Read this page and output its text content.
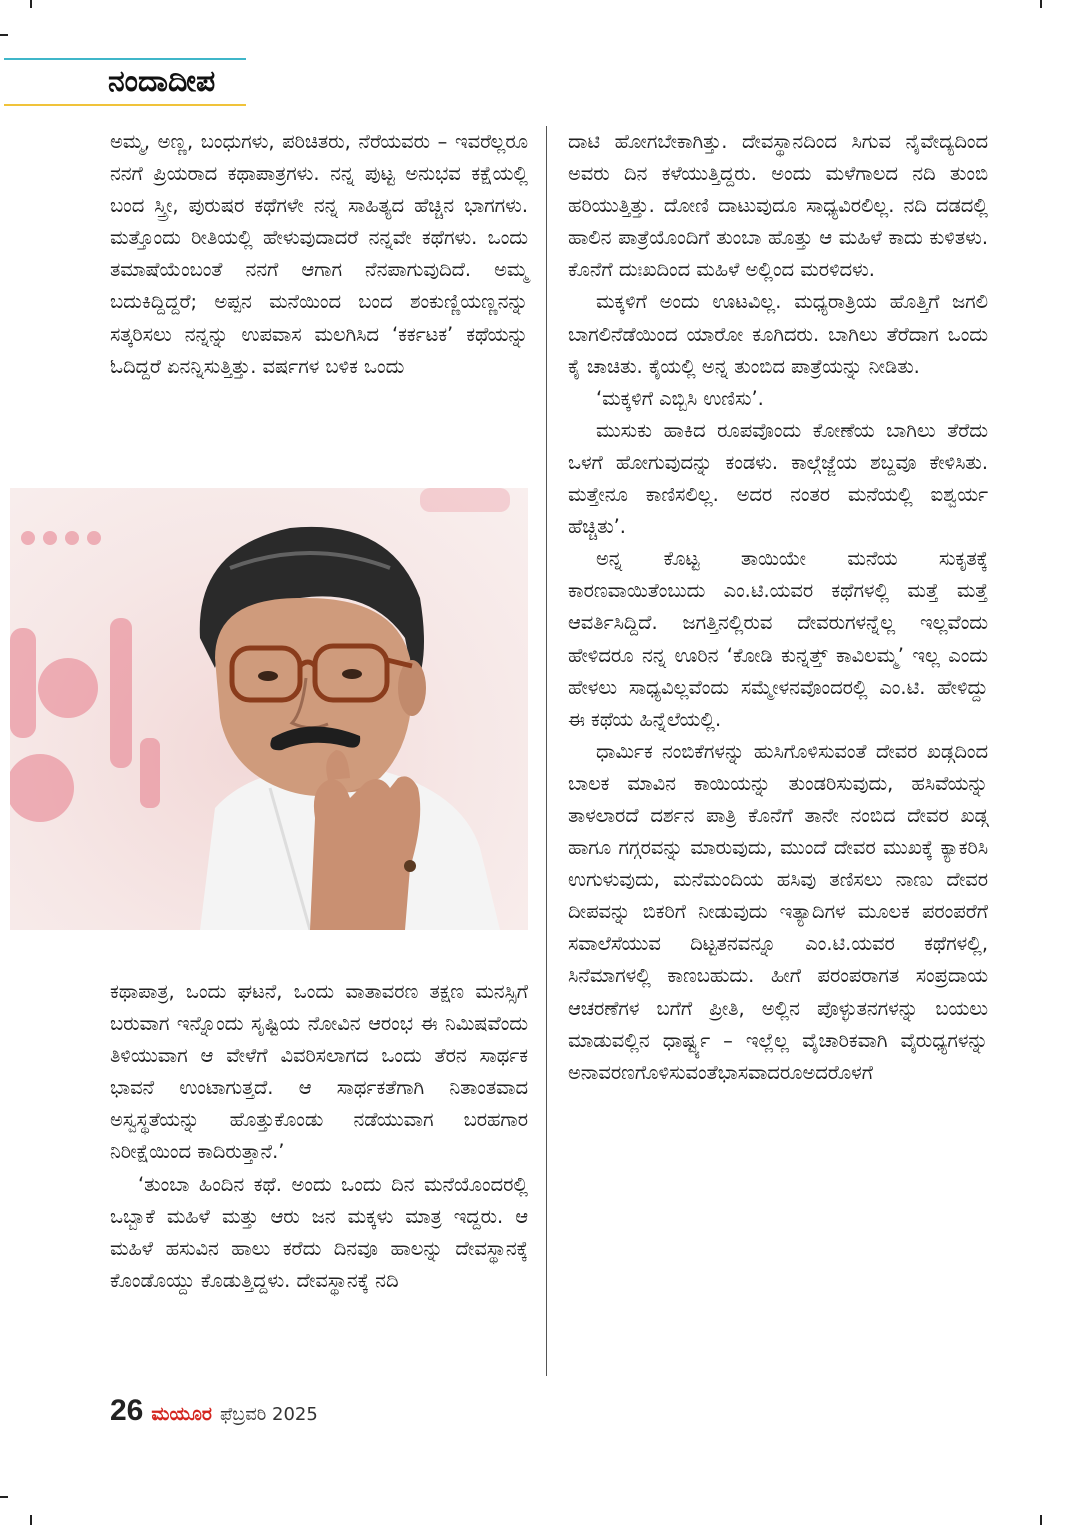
ನಂದಾದೀಪ

ಅಮ್ಮ, ಅಣ್ಣ, ಬಂಧುಗಳು, ಪರಿಚಿತರು, ನೆರೆಯವರು – ಇವರೆಲ್ಲರೂ ನನಗೆ ಪ್ರಿಯರಾದ ಕಥಾಪಾತ್ರಗಳು. ನನ್ನ ಪುಟ್ಟ ಅನುಭವ ಕಕ್ಷೆಯಲ್ಲಿ ಬಂದ ಸ್ತ್ರೀ, ಪುರುಷರ ಕಥೆಗಳೇ ನನ್ನ ಸಾಹಿತ್ಯದ ಹೆಚ್ಚಿನ ಭಾಗಗಳು. ಮತ್ತೊಂದು ರೀತಿಯಲ್ಲಿ ಹೇಳುವುದಾದರೆ ನನ್ನವೇ ಕಥೆಗಳು. ಒಂದು ತಮಾಷೆಯೆಂಬಂತೆ ನನಗೆ ಆಗಾಗ ನೆನಪಾಗುವುದಿದೆ. ಅಮ್ಮ ಬದುಕಿದ್ದಿದ್ದರೆ; ಅಪ್ಪನ ಮನೆಯಿಂದ ಬಂದ ಶಂಕುಣ್ಣಿಯಣ್ಣನನ್ನು ಸತ್ಕರಿಸಲು ನನ್ನನ್ನು ಉಪವಾಸ ಮಲಗಿಸಿದ ‘ಕರ್ಕಟಕ’ ಕಥೆಯನ್ನು ಓದಿದ್ದರೆ ಏನನ್ನಿಸುತ್ತಿತ್ತು. ವರ್ಷಗಳ ಬಳಿಕ ಒಂದು

ಕಥಾಪಾತ್ರ, ಒಂದು ಘಟನೆ, ಒಂದು ವಾತಾವರಣ ತಕ್ಷಣ ಮನಸ್ಸಿಗೆ ಬರುವಾಗ ಇನ್ನೊಂದು ಸೃಷ್ಟಿಯ ನೋವಿನ ಆರಂಭ ಈ ನಿಮಿಷವೆಂದು ತಿಳಿಯುವಾಗ ಆ ವೇಳೆಗೆ ವಿವರಿಸಲಾಗದ ಒಂದು ತೆರನ ಸಾರ್ಥಕ ಭಾವನೆ ಉಂಟಾಗುತ್ತದೆ. ಆ ಸಾರ್ಥಕತೆಗಾಗಿ ನಿತಾಂತವಾದ ಅಸ್ವಸ್ಥತೆಯನ್ನು ಹೊತ್ತುಕೊಂಡು ನಡೆಯುವಾಗ ಬರಹಗಾರ ನಿರೀಕ್ಷೆಯಿಂದ ಕಾದಿರುತ್ತಾನೆ.’

‘ತುಂಬಾ ಹಿಂದಿನ ಕಥೆ. ಅಂದು ಒಂದು ದಿನ ಮನೆಯೊಂದರಲ್ಲಿ ಒಬ್ಬಾಕೆ ಮಹಿಳೆ ಮತ್ತು ಆರು ಜನ ಮಕ್ಕಳು ಮಾತ್ರ ಇದ್ದರು. ಆ ಮಹಿಳೆ ಹಸುವಿನ ಹಾಲು ಕರೆದು ದಿನವೂ ಹಾಲನ್ನು ದೇವಸ್ಥಾನಕ್ಕೆ ಕೊಂಡೊಯ್ದು ಕೊಡುತ್ತಿದ್ದಳು. ದೇವಸ್ಥಾನಕ್ಕೆ ನದಿ

ದಾಟಿ ಹೋಗಬೇಕಾಗಿತ್ತು. ದೇವಸ್ಥಾನದಿಂದ ಸಿಗುವ ನೈವೇದ್ಯದಿಂದ ಅವರು ದಿನ ಕಳೆಯುತ್ತಿದ್ದರು. ಅಂದು ಮಳೆಗಾಲದ ನದಿ ತುಂಬಿ ಹರಿಯುತ್ತಿತ್ತು. ದೋಣಿ ದಾಟುವುದೂ ಸಾಧ್ಯವಿರಲಿಲ್ಲ. ನದಿ ದಡದಲ್ಲಿ ಹಾಲಿನ ಪಾತ್ರೆಯೊಂದಿಗೆ ತುಂಬಾ ಹೊತ್ತು ಆ ಮಹಿಳೆ ಕಾದು ಕುಳಿತಳು. ಕೊನೆಗೆ ದುಃಖದಿಂದ ಮಹಿಳೆ ಅಲ್ಲಿಂದ ಮರಳಿದಳು.

ಮಕ್ಕಳಿಗೆ ಅಂದು ಊಟವಿಲ್ಲ. ಮಧ್ಯರಾತ್ರಿಯ ಹೊತ್ತಿಗೆ ಜಗಲಿ ಬಾಗಲಿನೆಡೆಯಿಂದ ಯಾರೋ ಕೂಗಿದರು. ಬಾಗಿಲು ತೆರೆದಾಗ ಒಂದು ಕೈ ಚಾಚಿತು. ಕೈಯಲ್ಲಿ ಅನ್ನ ತುಂಬಿದ ಪಾತ್ರೆಯನ್ನು ನೀಡಿತು.

‘ಮಕ್ಕಳಿಗೆ ಎಬ್ಬಿಸಿ ಉಣಿಸು’.

ಮುಸುಕು ಹಾಕಿದ ರೂಪವೊಂದು ಕೋಣೆಯ ಬಾಗಿಲು ತೆರೆದು ಒಳಗೆ ಹೋಗುವುದನ್ನು ಕಂಡಳು. ಕಾಲ್ಗೆಜ್ಜೆಯ ಶಬ್ದವೂ ಕೇಳಿಸಿತು. ಮತ್ತೇನೂ ಕಾಣಿಸಲಿಲ್ಲ. ಅದರ ನಂತರ ಮನೆಯಲ್ಲಿ ಐಶ್ವರ್ಯ ಹೆಚ್ಚಿತು’.

ಅನ್ನ ಕೊಟ್ಟ ತಾಯಿಯೇ ಮನೆಯ ಸುಕೃತಕ್ಕೆ ಕಾರಣವಾಯಿತೆಂಬುದು ಎಂ.ಟಿ.ಯವರ ಕಥೆಗಳಲ್ಲಿ ಮತ್ತೆ ಮತ್ತೆ ಆವರ್ತಿಸಿದ್ದಿದೆ. ಜಗತ್ತಿನಲ್ಲಿರುವ ದೇವರುಗಳನ್ನೆಲ್ಲ ಇಲ್ಲವೆಂದು ಹೇಳಿದರೂ ನನ್ನ ಊರಿನ ‘ಕೋಡಿ ಕುನ್ನತ್ತ್ ಕಾವಿಲಮ್ಮ’ ಇಲ್ಲ ಎಂದು ಹೇಳಲು ಸಾಧ್ಯವಿಲ್ಲವೆಂದು ಸಮ್ಮೇಳನವೊಂದರಲ್ಲಿ ಎಂ.ಟಿ. ಹೇಳಿದ್ದು ಈ ಕಥೆಯ ಹಿನ್ನೆಲೆಯಲ್ಲಿ.

ಧಾರ್ಮಿಕ ನಂಬಿಕೆಗಳನ್ನು ಹುಸಿಗೊಳಿಸುವಂತೆ ದೇವರ ಖಡ್ಗದಿಂದ ಬಾಲಕ ಮಾವಿನ ಕಾಯಿಯನ್ನು ತುಂಡರಿಸುವುದು, ಹಸಿವೆಯನ್ನು ತಾಳಲಾರದೆ ದರ್ಶನ ಪಾತ್ರಿ ಕೊನೆಗೆ ತಾನೇ ನಂಬಿದ ದೇವರ ಖಡ್ಗ ಹಾಗೂ ಗಗ್ಗರವನ್ನು ಮಾರುವುದು, ಮುಂದೆ ದೇವರ ಮುಖಕ್ಕೆ ಕ್ಯಾಕರಿಸಿ ಉಗುಳುವುದು, ಮನೆಮಂದಿಯ ಹಸಿವು ತಣಿಸಲು ನಾಣು ದೇವರ ದೀಪವನ್ನು ಬಿಕರಿಗೆ ನೀಡುವುದು ಇತ್ಯಾದಿಗಳ ಮೂಲಕ ಪರಂಪರೆಗೆ ಸವಾಲೆಸೆಯುವ ದಿಟ್ಟತನವನ್ನೂ ಎಂ.ಟಿ.ಯವರ ಕಥೆಗಳಲ್ಲಿ, ಸಿನೆಮಾಗಳಲ್ಲಿ ಕಾಣಬಹುದು. ಹೀಗೆ ಪರಂಪರಾಗತ ಸಂಪ್ರದಾಯ ಆಚರಣೆಗಳ ಬಗೆಗೆ ಪ್ರೀತಿ, ಅಲ್ಲಿನ ಪೊಳ್ಳುತನಗಳನ್ನು ಬಯಲು ಮಾಡುವಲ್ಲಿನ ಧಾರ್ಷ್ಟ್ಯ – ಇಲ್ಲೆಲ್ಲ ವೈಚಾರಿಕವಾಗಿ ವೈರುಧ್ಯಗಳನ್ನು ಅನಾವರಣಗೊಳಿಸುವಂತೆಭಾಸವಾದರೂಅದರೊಳಗೆ

26 ಮಯೂರ ಫೆಬ್ರವರಿ 2025
